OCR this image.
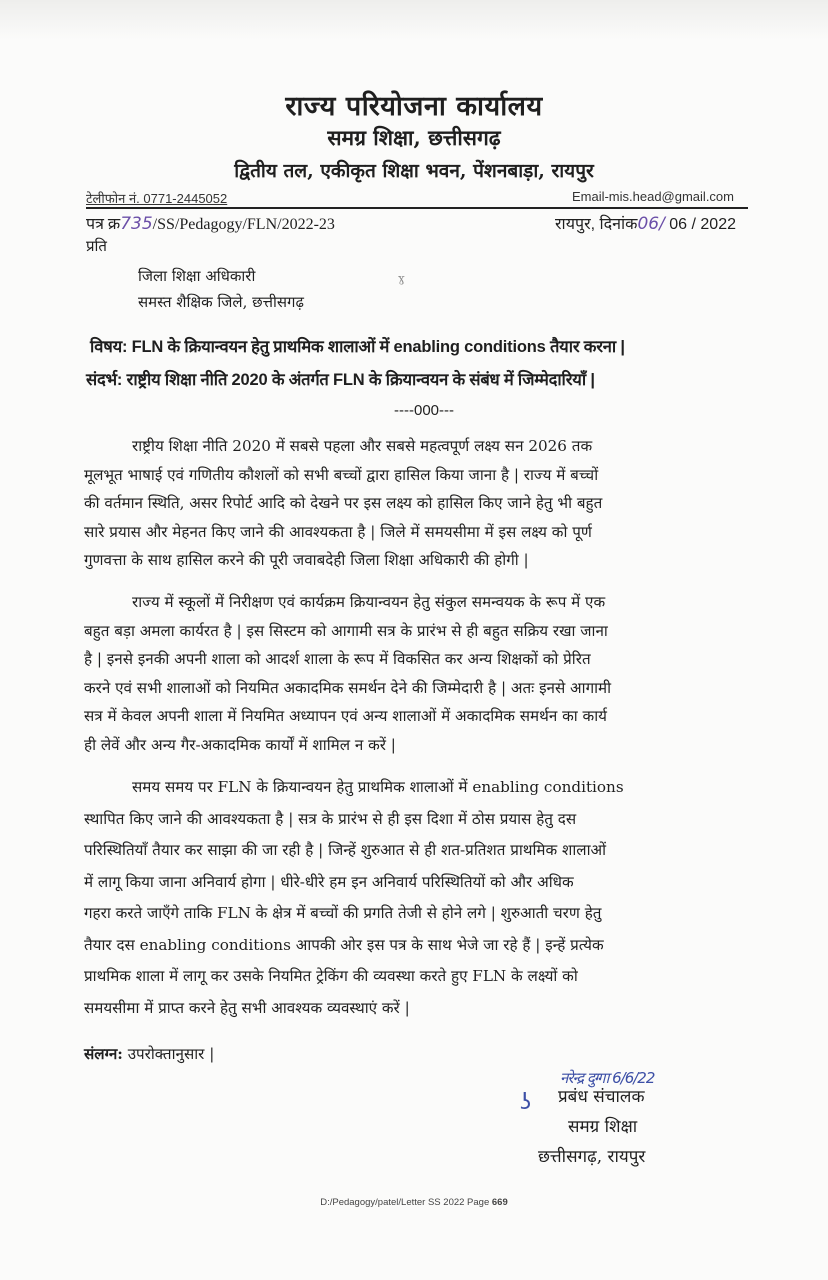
राज्य परियोजना कार्यालय
समग्र शिक्षा, छत्तीसगढ़
द्वितीय तल, एकीकृत शिक्षा भवन, पेंशनबाड़ा, रायपुर
टेलीफोन नं. 0771-2445052	Email-mis.head@gmail.com
पत्र क्र735/SS/Pedagogy/FLN/2022-23	रायपुर, दिनांक06/ 06 / 2022
प्रति
जिला शिक्षा अधिकारी
समस्त शैक्षिक जिले, छत्तीसगढ़
ɣ
विषय: FLN के क्रियान्वयन हेतु प्राथमिक शालाओं में enabling conditions तैयार करना |
संदर्भ: राष्ट्रीय शिक्षा नीति 2020 के अंतर्गत FLN के क्रियान्वयन के संबंध में जिम्मेदारियाँ |
----000---
राष्ट्रीय शिक्षा नीति 2020 में सबसे पहला और सबसे महत्वपूर्ण लक्ष्य सन 2026 तक
मूलभूत भाषाई एवं गणितीय कौशलों को सभी बच्चों द्वारा हासिल किया जाना है | राज्य में बच्चों
की वर्तमान स्थिति, असर रिपोर्ट आदि को देखने पर इस लक्ष्य को हासिल किए जाने हेतु भी बहुत
सारे प्रयास और मेहनत किए जाने की आवश्यकता है | जिले में समयसीमा में इस लक्ष्य को पूर्ण
गुणवत्ता के साथ हासिल करने की पूरी जवाबदेही जिला शिक्षा अधिकारी की होगी |
राज्य में स्कूलों में निरीक्षण एवं कार्यक्रम क्रियान्वयन हेतु संकुल समन्वयक के रूप में एक
बहुत बड़ा अमला कार्यरत है | इस सिस्टम को आगामी सत्र के प्रारंभ से ही बहुत सक्रिय रखा जाना
है | इनसे इनकी अपनी शाला को आदर्श शाला के रूप में विकसित कर अन्य शिक्षकों को प्रेरित
करने एवं सभी शालाओं को नियमित अकादमिक समर्थन देने की जिम्मेदारी है | अतः इनसे आगामी
सत्र में केवल अपनी शाला में नियमित अध्यापन एवं अन्य शालाओं में अकादमिक समर्थन का कार्य
ही लेवें और अन्य गैर-अकादमिक कार्यों में शामिल न करें |
समय समय पर FLN के क्रियान्वयन हेतु प्राथमिक शालाओं में enabling conditions
स्थापित किए जाने की आवश्यकता है | सत्र के प्रारंभ से ही इस दिशा में ठोस प्रयास हेतु दस
परिस्थितियाँ तैयार कर साझा की जा रही है | जिन्हें शुरुआत से ही शत-प्रतिशत प्राथमिक शालाओं
में लागू किया जाना अनिवार्य होगा | धीरे-धीरे हम इन अनिवार्य परिस्थितियों को और अधिक
गहरा करते जाएँगे ताकि FLN के क्षेत्र में बच्चों की प्रगति तेजी से होने लगे | शुरुआती चरण हेतु
तैयार दस enabling conditions आपकी ओर इस पत्र के साथ भेजे जा रहे हैं | इन्हें प्रत्येक
प्राथमिक शाला में लागू कर उसके नियमित ट्रेकिंग की व्यवस्था करते हुए FLN के लक्ष्यों को
समयसीमा में प्राप्त करने हेतु सभी आवश्यक व्यवस्थाएं करें |
संलग्न: उपरोक्तानुसार |
नरेन्द्र दुग्गा 6/6/22
ʖ प्रबंध संचालक
समग्र शिक्षा
छत्तीसगढ़, रायपुर
D:/Pedagogy/patel/Letter SS 2022 Page 669
